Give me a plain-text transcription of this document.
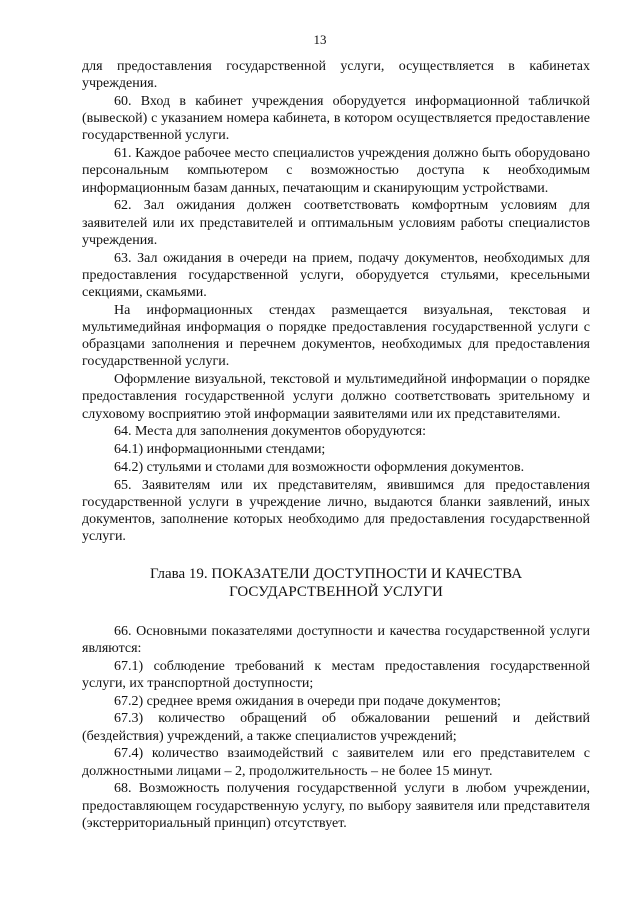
13

для предоставления государственной услуги, осуществляется в кабинетах учреждения.

60. Вход в кабинет учреждения оборудуется информационной табличкой (вывеской) с указанием номера кабинета, в котором осуществляется предоставление государственной услуги.

61. Каждое рабочее место специалистов учреждения должно быть оборудовано персональным компьютером с возможностью доступа к необходимым информационным базам данных, печатающим и сканирующим устройствами.

62. Зал ожидания должен соответствовать комфортным условиям для заявителей или их представителей и оптимальным условиям работы специалистов учреждения.

63. Зал ожидания в очереди на прием, подачу документов, необходимых для предоставления государственной услуги, оборудуется стульями, кресельными секциями, скамьями.

На информационных стендах размещается визуальная, текстовая и мультимедийная информация о порядке предоставления государственной услуги с образцами заполнения и перечнем документов, необходимых для предоставления государственной услуги.

Оформление визуальной, текстовой и мультимедийной информации о порядке предоставления государственной услуги должно соответствовать зрительному и слуховому восприятию этой информации заявителями или их представителями.

64. Места для заполнения документов оборудуются:

64.1) информационными стендами;

64.2) стульями и столами для возможности оформления документов.

65. Заявителям или их представителям, явившимся для предоставления государственной услуги в учреждение лично, выдаются бланки заявлений, иных документов, заполнение которых необходимо для предоставления государственной услуги.

Глава 19. ПОКАЗАТЕЛИ ДОСТУПНОСТИ И КАЧЕСТВА
ГОСУДАРСТВЕННОЙ УСЛУГИ

66. Основными показателями доступности и качества государственной услуги являются:

67.1) соблюдение требований к местам предоставления государственной услуги, их транспортной доступности;

67.2) среднее время ожидания в очереди при подаче документов;

67.3) количество обращений об обжаловании решений и действий (бездействия) учреждений, а также специалистов учреждений;

67.4) количество взаимодействий с заявителем или его представителем с должностными лицами – 2, продолжительность – не более 15 минут.

68. Возможность получения государственной услуги в любом учреждении, предоставляющем государственную услугу, по выбору заявителя или представителя (экстерриториальный принцип) отсутствует.
